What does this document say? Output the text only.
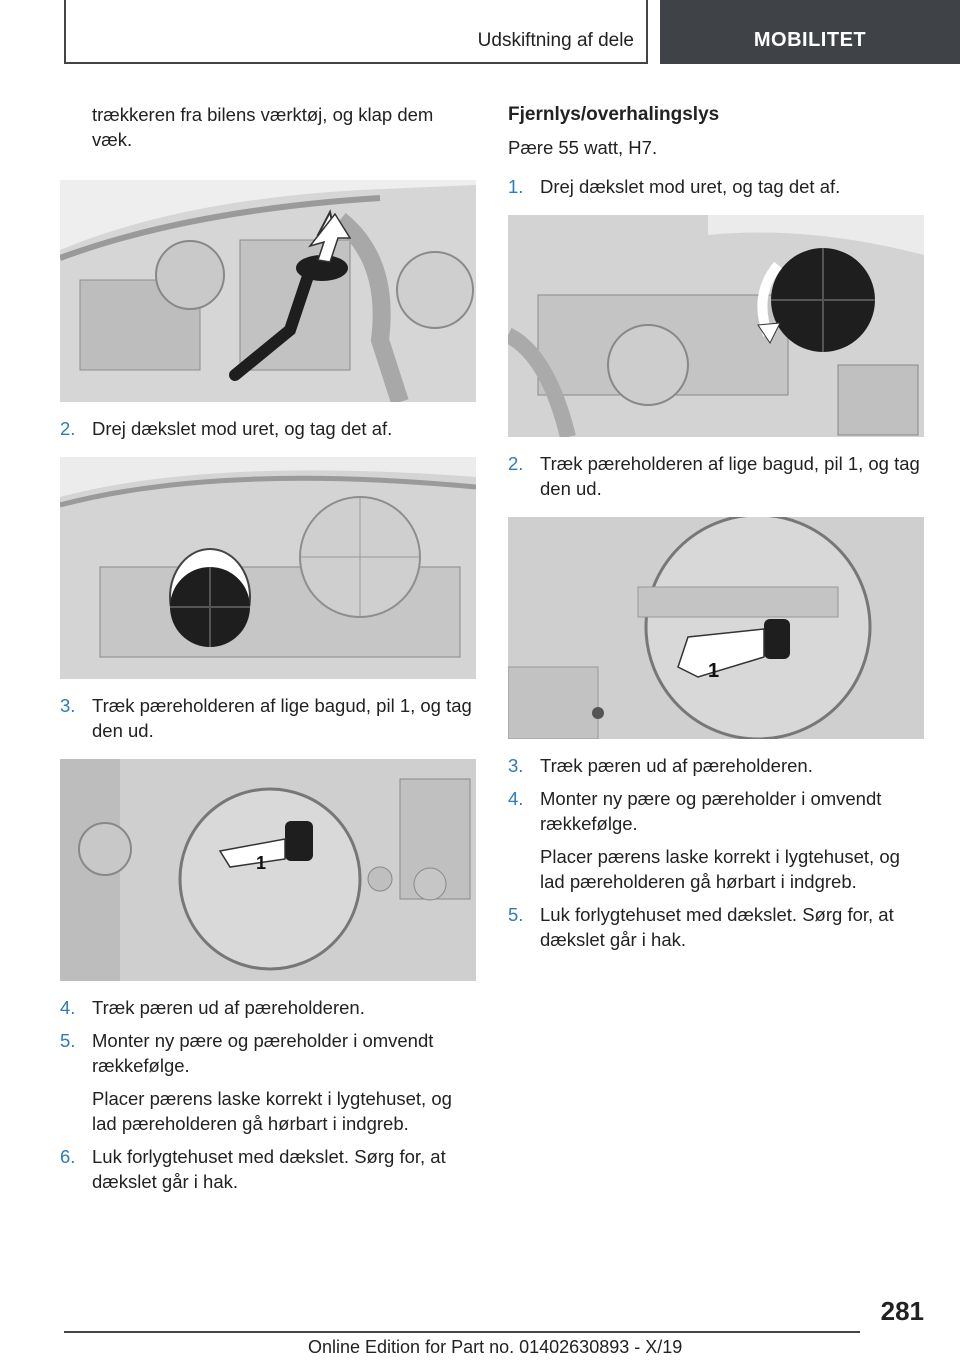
Udskiftning af dele	MOBILITET

trækkeren fra bilens værktøj, og klap dem væk.

2. Drej dækslet mod uret, og tag det af.
3. Træk pæreholderen af lige bagud, pil 1, og tag den ud.
1
4. Træk pæren ud af pæreholderen.
5. Monter ny pære og pæreholder i omvendt rækkefølge.
Placer pærens laske korrekt i lygtehuset, og lad pæreholderen gå hørbart i indgreb.
6. Luk forlygtehuset med dækslet. Sørg for, at dækslet går i hak.

Fjernlys/overhalingslys

Pære 55 watt, H7.

1. Drej dækslet mod uret, og tag det af.
2. Træk pæreholderen af lige bagud, pil 1, og tag den ud.
1
3. Træk pæren ud af pæreholderen.
4. Monter ny pære og pæreholder i omvendt rækkefølge.
Placer pærens laske korrekt i lygtehuset, og lad pæreholderen gå hørbart i indgreb.
5. Luk forlygtehuset med dækslet. Sørg for, at dækslet går i hak.
281
Online Edition for Part no. 01402630893 - X/19
